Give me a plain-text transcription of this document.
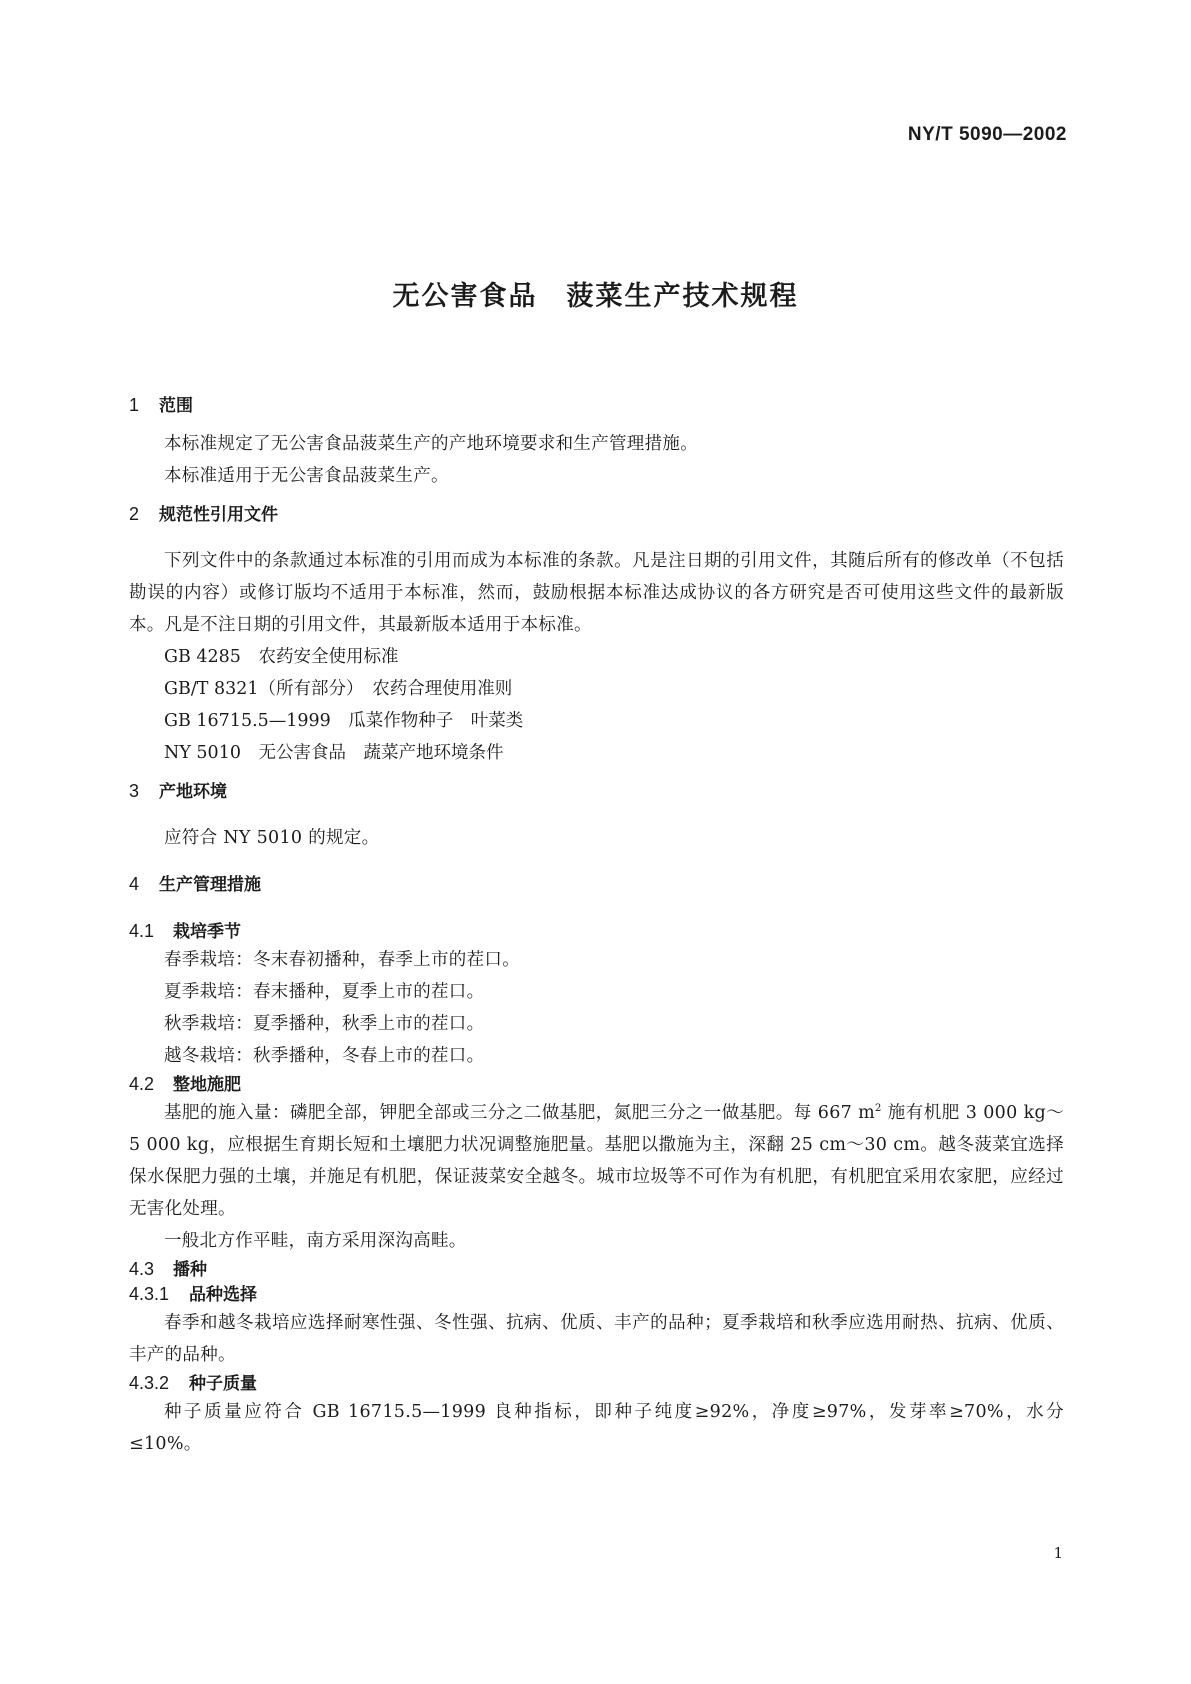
NY/T 5090—2002
无公害食品　菠菜生产技术规程
1 范围

本标准规定了无公害食品菠菜生产的产地环境要求和生产管理措施。

本标准适用于无公害食品菠菜生产。

2 规范性引用文件

下列文件中的条款通过本标准的引用而成为本标准的条款。凡是注日期的引用文件，其随后所有的修改单（不包括勘误的内容）或修订版均不适用于本标准，然而，鼓励根据本标准达成协议的各方研究是否可使用这些文件的最新版本。凡是不注日期的引用文件，其最新版本适用于本标准。

GB 4285　农药安全使用标准
GB/T 8321（所有部分）　农药合理使用准则
GB 16715.5—1999　瓜菜作物种子　叶菜类
NY 5010　无公害食品　蔬菜产地环境条件
3 产地环境

应符合 NY 5010 的规定。

4 生产管理措施
4.1 栽培季节

春季栽培：冬末春初播种，春季上市的茬口。

夏季栽培：春末播种，夏季上市的茬口。

秋季栽培：夏季播种，秋季上市的茬口。

越冬栽培：秋季播种，冬春上市的茬口。

4.2 整地施肥

基肥的施入量：磷肥全部，钾肥全部或三分之二做基肥，氮肥三分之一做基肥。每 667 $m^2$ 施有机肥 3 000 kg～5 000 kg，应根据生育期长短和土壤肥力状况调整施肥量。基肥以撒施为主，深翻 25 cm～30 cm。越冬菠菜宜选择保水保肥力强的土壤，并施足有机肥，保证菠菜安全越冬。城市垃圾等不可作为有机肥，有机肥宜采用农家肥，应经过无害化处理。

一般北方作平畦，南方采用深沟高畦。

4.3 播种
4.3.1 品种选择

春季和越冬栽培应选择耐寒性强、冬性强、抗病、优质、丰产的品种；夏季栽培和秋季应选用耐热、抗病、优质、丰产的品种。

4.3.2 种子质量

种子质量应符合 GB 16715.5—1999 良种指标，即种子纯度≥92%，净度≥97%，发芽率≥70%，水分≤10%。

1
